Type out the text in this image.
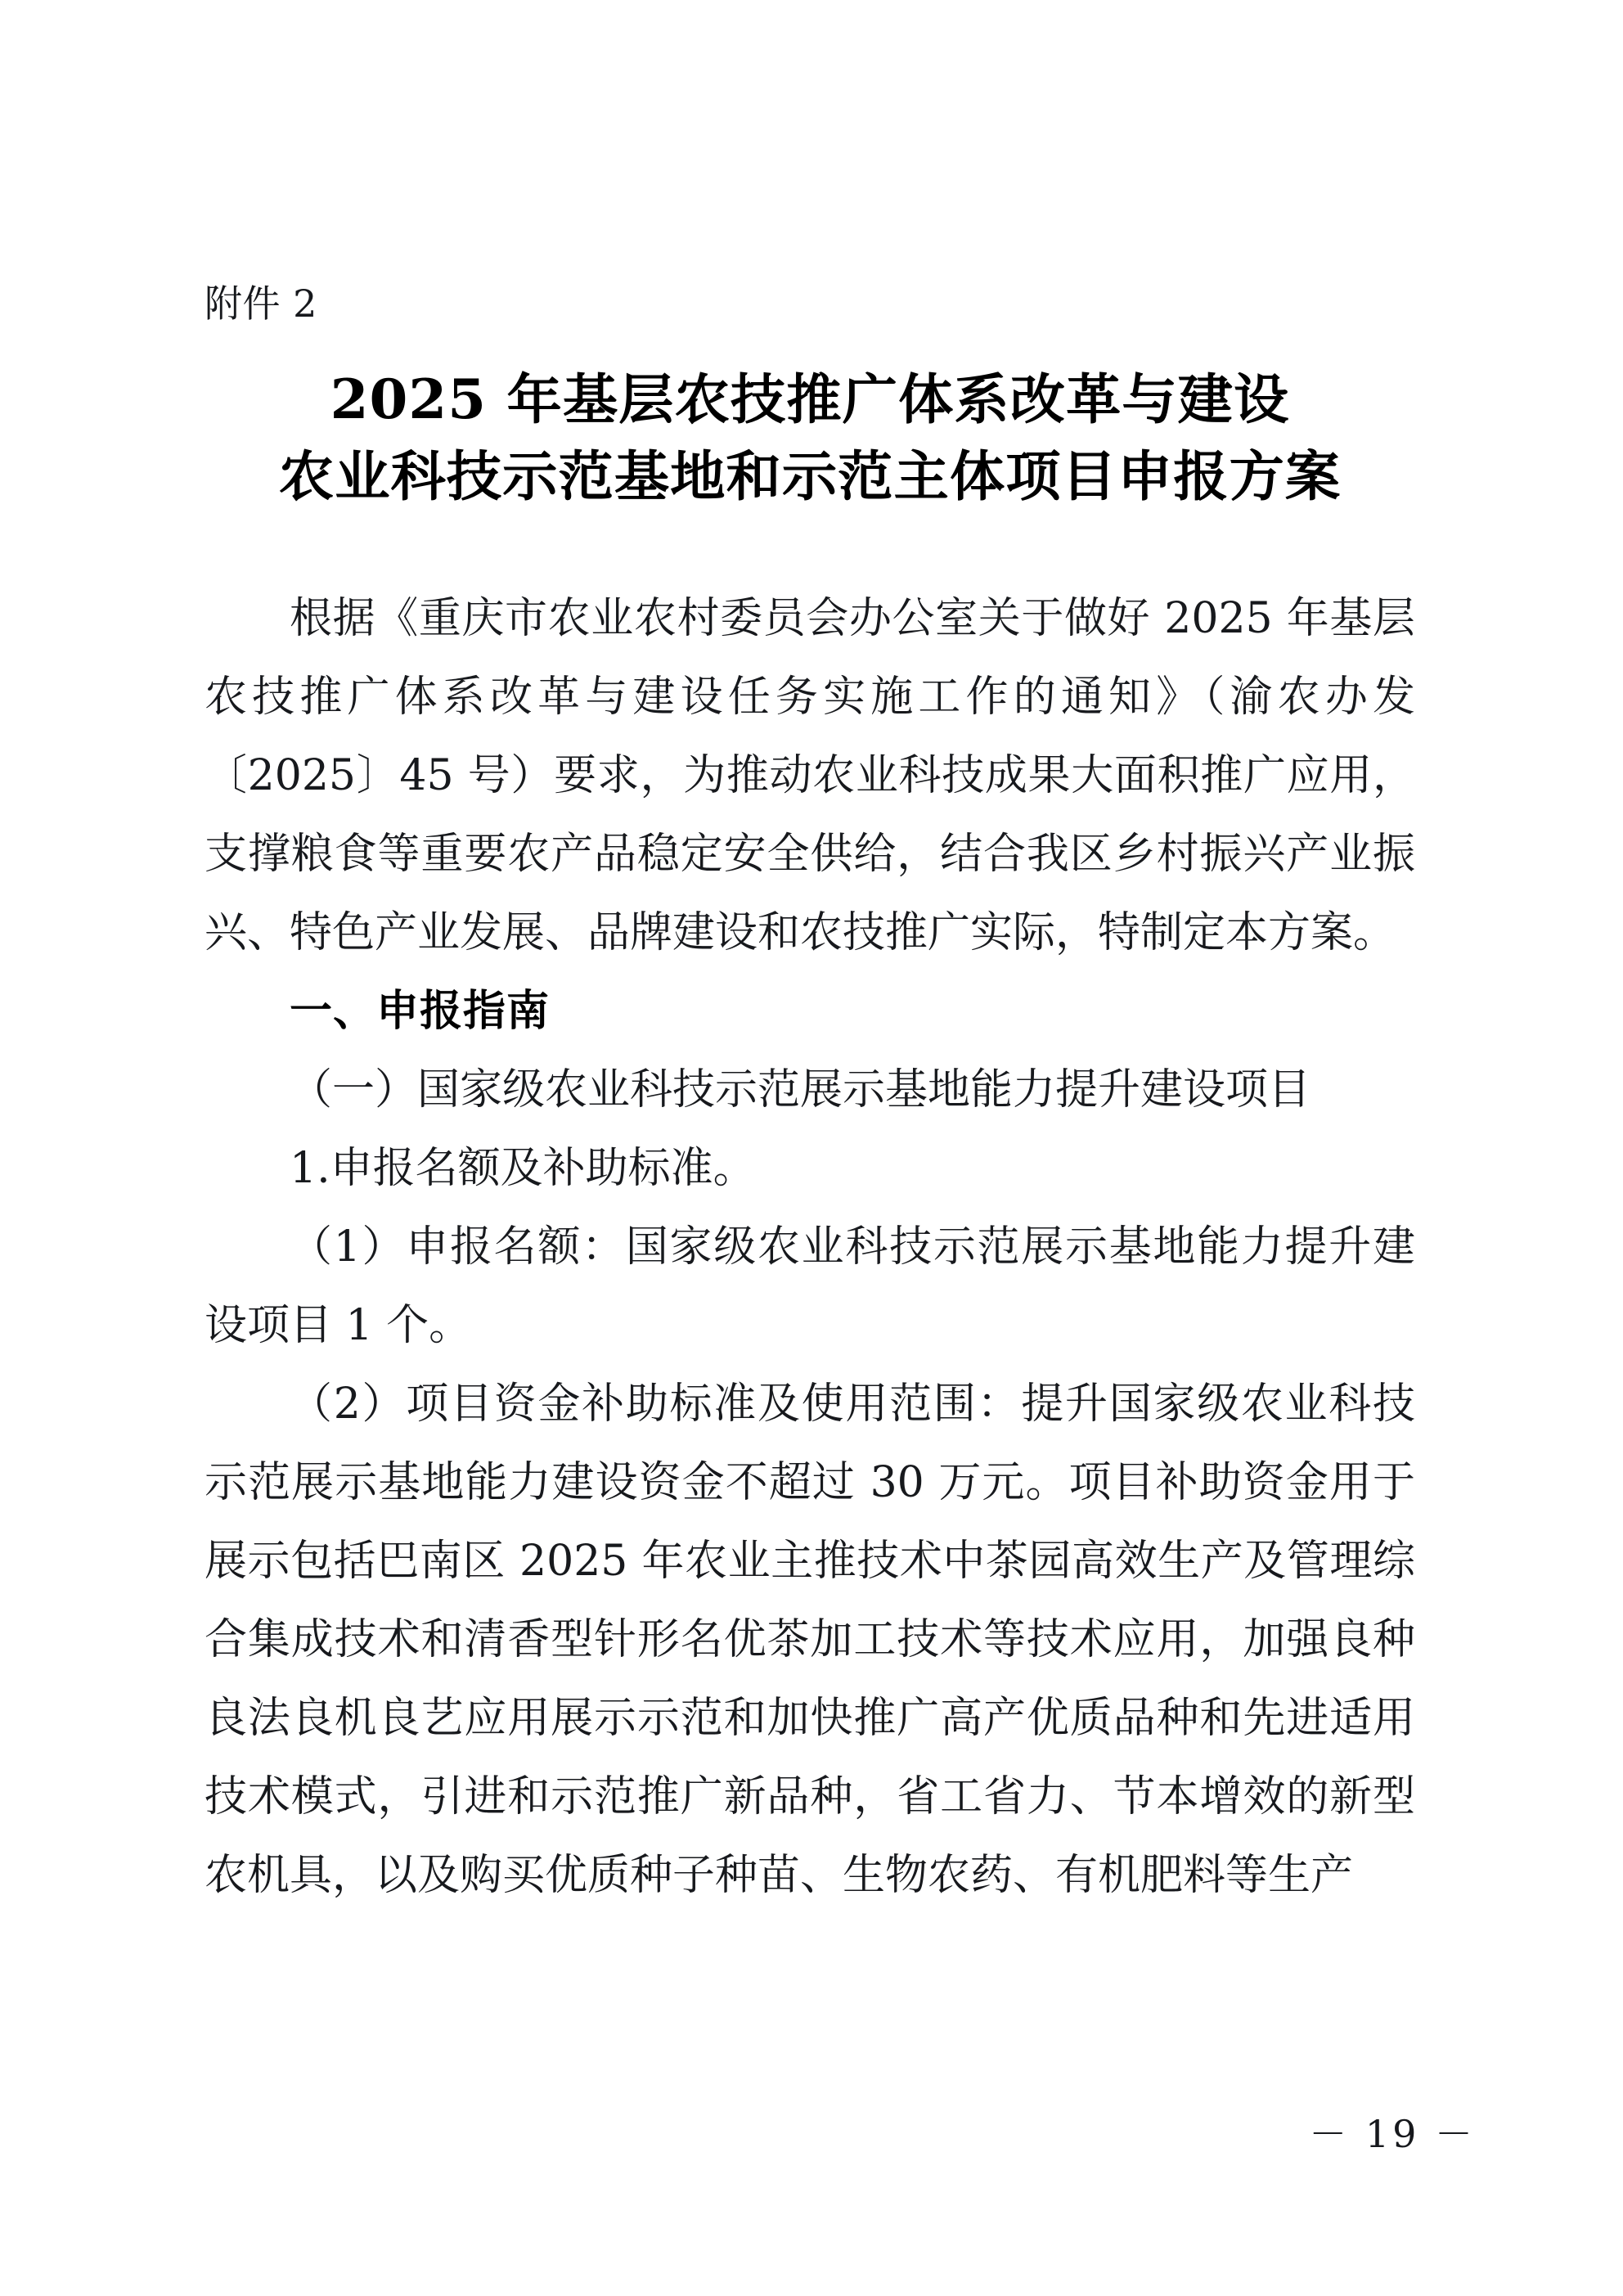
附件 2
2025 年基层农技推广体系改革与建设
农业科技示范基地和示范主体项目申报方案

根据《重庆市农业农村委员会办公室关于做好 2025 年基层农技推广体系改革与建设任务实施工作的通知》（渝农办发〔2025〕45 号）要求，为推动农业科技成果大面积推广应用，支撑粮食等重要农产品稳定安全供给，结合我区乡村振兴产业振兴、特色产业发展、品牌建设和农技推广实际，特制定本方案。

一、申报指南

（一）国家级农业科技示范展示基地能力提升建设项目

1.申报名额及补助标准。

（1）申报名额：国家级农业科技示范展示基地能力提升建设项目 1 个。

（2）项目资金补助标准及使用范围：提升国家级农业科技示范展示基地能力建设资金不超过 30 万元。项目补助资金用于展示包括巴南区 2025 年农业主推技术中茶园高效生产及管理综合集成技术和清香型针形名优茶加工技术等技术应用，加强良种良法良机良艺应用展示示范和加快推广高产优质品种和先进适用技术模式，引进和示范推广新品种，省工省力、节本增效的新型农机具，以及购买优质种子种苗、生物农药、有机肥料等生产

－ 19 －
